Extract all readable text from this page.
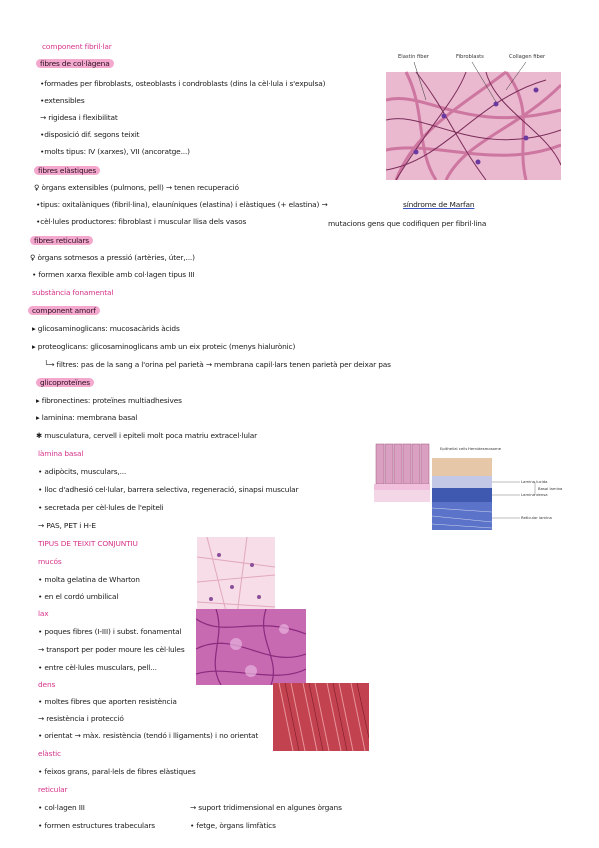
component fibril·lar
fibres de col·làgena
•formades per fibroblasts, osteoblasts i condroblasts (dins la cèl·lula i s'expulsa)
•extensibles
→ rigidesa i flexibilitat
•disposició dif. segons teixit
•molts tipus: IV (xarxes), VII (ancoratge...)
fibres elàstiques
♀ òrgans extensibles (pulmons, pell) → tenen recuperació
•tipus: oxitalàniques (fibril·lina), elauníniques (elastina) i elàstiques (+ elastina) →	síndrome de Marfan
•cèl·lules productores: fibroblast i muscular llisa dels vasos	mutacions gens que codifiquen per fibril·lina
fibres reticulars
♀ òrgans sotmesos a pressió (artèries, úter,...)
• formen xarxa flexible amb col·lagen tipus III
substància fonamental
component amorf
▸ glicosaminoglicans: mucosacàrids àcids
▸ proteoglicans: glicosaminoglicans amb un eix proteic (menys hialurònic)
└→ filtres: pas de la sang a l'orina pel parietà → membrana capil·lars tenen parietà per deixar pas
glicoproteïnes
▸ fibronectines: proteïnes multiadhesives
▸ laminina: membrana basal
✱ musculatura, cervell i epiteli molt poca matriu extracel·lular
làmina basal
• adipòcits, musculars,...
• lloc d'adhesió cel·lular, barrera selectiva, regeneració, sinapsi muscular
• secretada per cèl·lules de l'epiteli
→ PAS, PET i H-E
TIPUS DE TEIXIT CONJUNTIU
mucós
• molta gelatina de Wharton
• en el cordó umbilical
lax
• poques fibres (I-III) i subst. fonamental
→ transport per poder moure les cèl·lules
• entre cèl·lules musculars, pell...
dens
• moltes fibres que aporten resistència
→ resistència i protecció
• orientat → màx. resistència (tendó i lligaments) i no orientat
elàstic
• feixos grans, paral·lels de fibres elàstiques
reticular
• col·lagen III	→ suport tridimensional en algunes òrgans
• formen estructures trabeculars	• fetge, òrgans limfàtics
Elastin fiber	Fibroblasts	Collagen fiber
Epithelial cells Hemidesmosome
Lamina lucida
Basal lamina
Lamina densa
Reticular lamina
